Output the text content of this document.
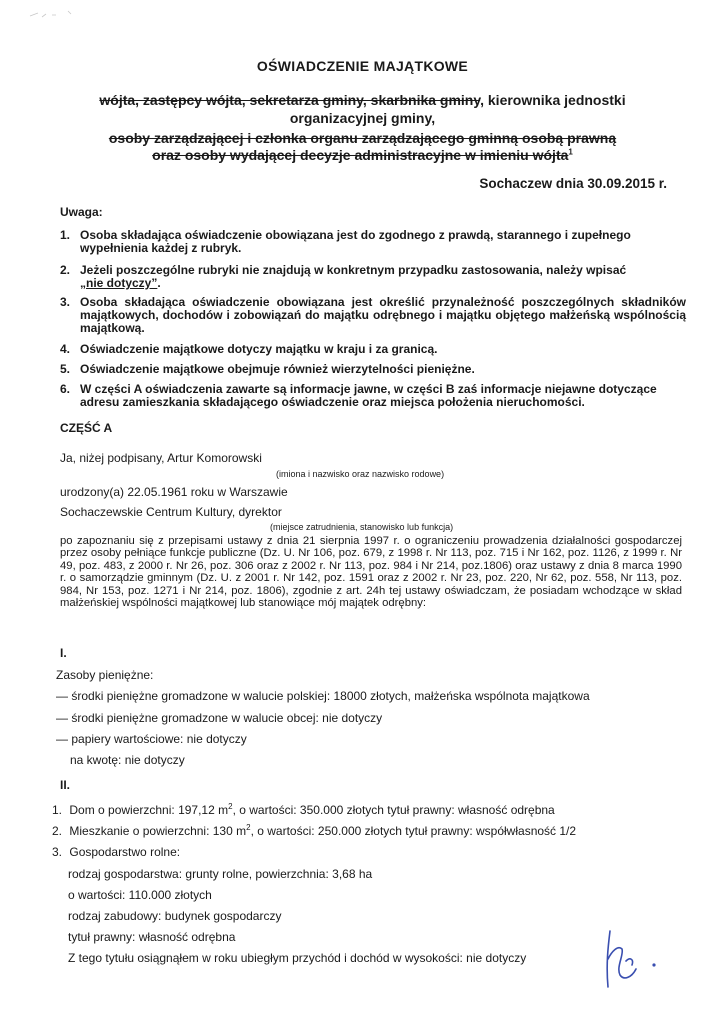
OŚWIADCZENIE MAJĄTKOWE
wójta, zastępcy wójta, sekretarza gminy, skarbnika gminy, kierownika jednostki
organizacyjnej gminy,
osoby zarządzającej i członka organu zarządzającego gminną osobą prawną
oraz osoby wydającej decyzje administracyjne w imieniu wójta$^1$
Sochaczew dnia 30.09.2015 r.
Uwaga:
1. Osoba składająca oświadczenie obowiązana jest do zgodnego z prawdą, starannego i zupełnego wypełnienia każdej z rubryk.
2. Jeżeli poszczególne rubryki nie znajdują w konkretnym przypadku zastosowania, należy wpisać
„nie dotyczy”.
3. Osoba składająca oświadczenie obowiązana jest określić przynależność poszczególnych składników majątkowych, dochodów i zobowiązań do majątku odrębnego i majątku objętego małżeńską wspólnością majątkową.
4. Oświadczenie majątkowe dotyczy majątku w kraju i za granicą.
5. Oświadczenie majątkowe obejmuje również wierzytelności pieniężne.
6. W części A oświadczenia zawarte są informacje jawne, w części B zaś informacje niejawne dotyczące adresu zamieszkania składającego oświadczenie oraz miejsca położenia nieruchomości.
CZĘŚĆ A
Ja, niżej podpisany, Artur Komorowski
(imiona i nazwisko oraz nazwisko rodowe)
urodzony(a) 22.05.1961 roku w Warszawie
Sochaczewskie Centrum Kultury, dyrektor
(miejsce zatrudnienia, stanowisko lub funkcja)
po zapoznaniu się z przepisami ustawy z dnia 21 sierpnia 1997 r. o ograniczeniu prowadzenia działalności gospodarczej przez osoby pełniące funkcje publiczne (Dz. U. Nr 106, poz. 679, z 1998 r. Nr 113, poz. 715 i Nr 162, poz. 1126, z 1999 r. Nr 49, poz. 483, z 2000 r. Nr 26, poz. 306 oraz z 2002 r. Nr 113, poz. 984 i Nr 214, poz.1806) oraz ustawy z dnia 8 marca 1990 r. o samorządzie gminnym (Dz. U. z 2001 r. Nr 142, poz. 1591 oraz z 2002 r. Nr 23, poz. 220, Nr 62, poz. 558, Nr 113, poz. 984, Nr 153, poz. 1271 i Nr 214, poz. 1806), zgodnie z art. 24h tej ustawy oświadczam, że posiadam wchodzące w skład małżeńskiej wspólności majątkowej lub stanowiące mój majątek odrębny:
I.
Zasoby pieniężne:
— środki pieniężne gromadzone w walucie polskiej: 18000 złotych, małżeńska wspólnota majątkowa
— środki pieniężne gromadzone w walucie obcej: nie dotyczy
— papiery wartościowe: nie dotyczy
na kwotę: nie dotyczy
II.
1. Dom o powierzchni: 197,12 $m^2$, o wartości: 350.000 złotych tytuł prawny: własność odrębna
2. Mieszkanie o powierzchni: 130 $m^2$, o wartości: 250.000 złotych tytuł prawny: współwłasność 1/2
3. Gospodarstwo rolne:
rodzaj gospodarstwa: grunty rolne, powierzchnia: 3,68 ha
o wartości: 110.000 złotych
rodzaj zabudowy: budynek gospodarczy
tytuł prawny: własność odrębna
Z tego tytułu osiągnąłem w roku ubiegłym przychód i dochód w wysokości: nie dotyczy
